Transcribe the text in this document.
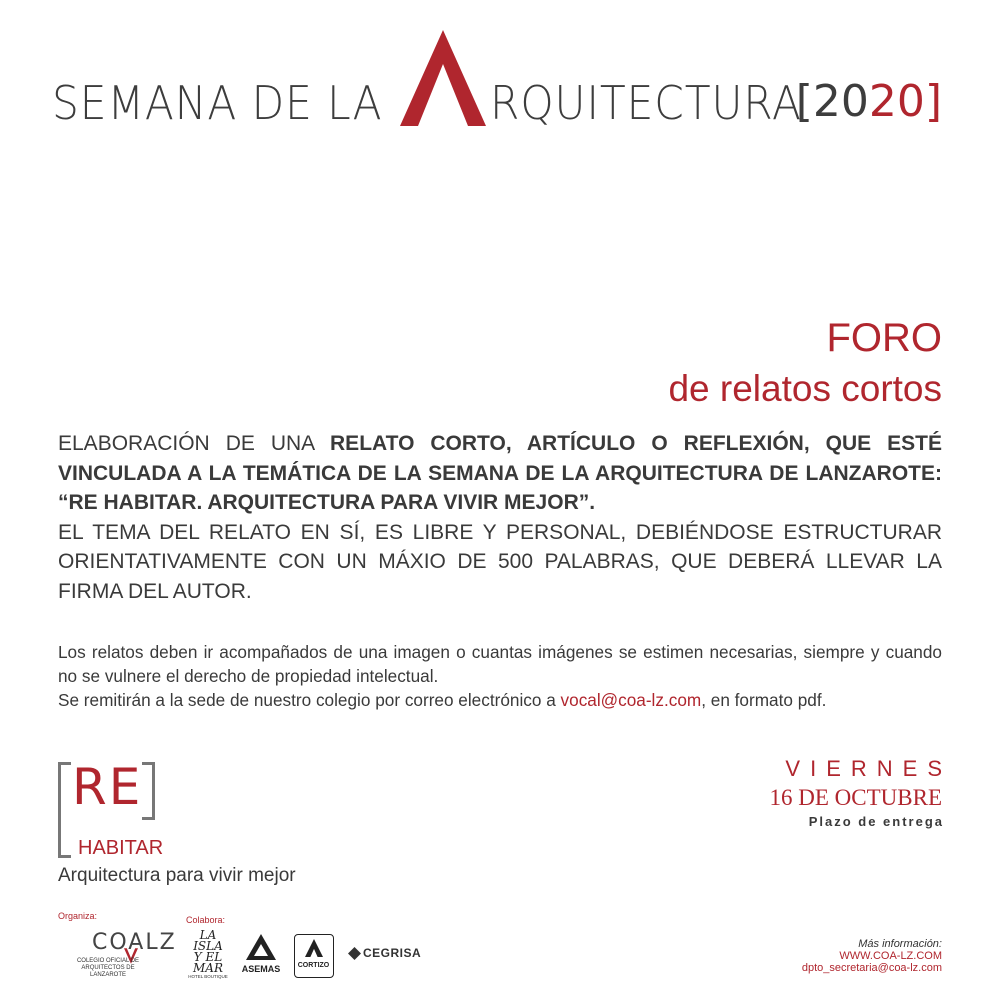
SEMANA DE LA	RQUITECTURA
[2020]
FORO
de relatos cortos
ELABORACIÓN DE UNA RELATO CORTO, ARTÍCULO O REFLEXIÓN, QUE ESTÉ VINCULADA A LA TEMÁTICA DE LA SEMANA DE LA ARQUITECTURA DE LANZAROTE: “RE HABITAR. ARQUITECTURA PARA VIVIR MEJOR”.
EL TEMA DEL RELATO EN SÍ, ES LIBRE Y PERSONAL, DEBIÉNDOSE ESTRUCTURAR ORIENTATIVAMENTE CON UN MÁXIO DE 500 PALABRAS, QUE DEBERÁ LLEVAR LA FIRMA DEL AUTOR.
Los relatos deben ir acompañados de una imagen o cuantas imágenes se estimen necesarias, siempre y cuando no se vulnere el derecho de propiedad intelectual.
Se remitirán a la sede de nuestro colegio por correo electrónico a vocal@coa-lz.com, en formato pdf.
RE
HABITAR
Arquitectura para vivir mejor
VIERNES
16 DE OCTUBRE
Plazo de entrega
Organiza:
COALZ
COLEGIO OFICIAL DE
ARQUITECTOS DE
LANZAROTE
Colabora:
LA
ISLA
Y EL
MAR
HOTEL BOUTIQUE
ASEMAS	CORTIZO
CEGRISA
Más información:
WWW.COA-LZ.COM
dpto_secretaria@coa-lz.com
